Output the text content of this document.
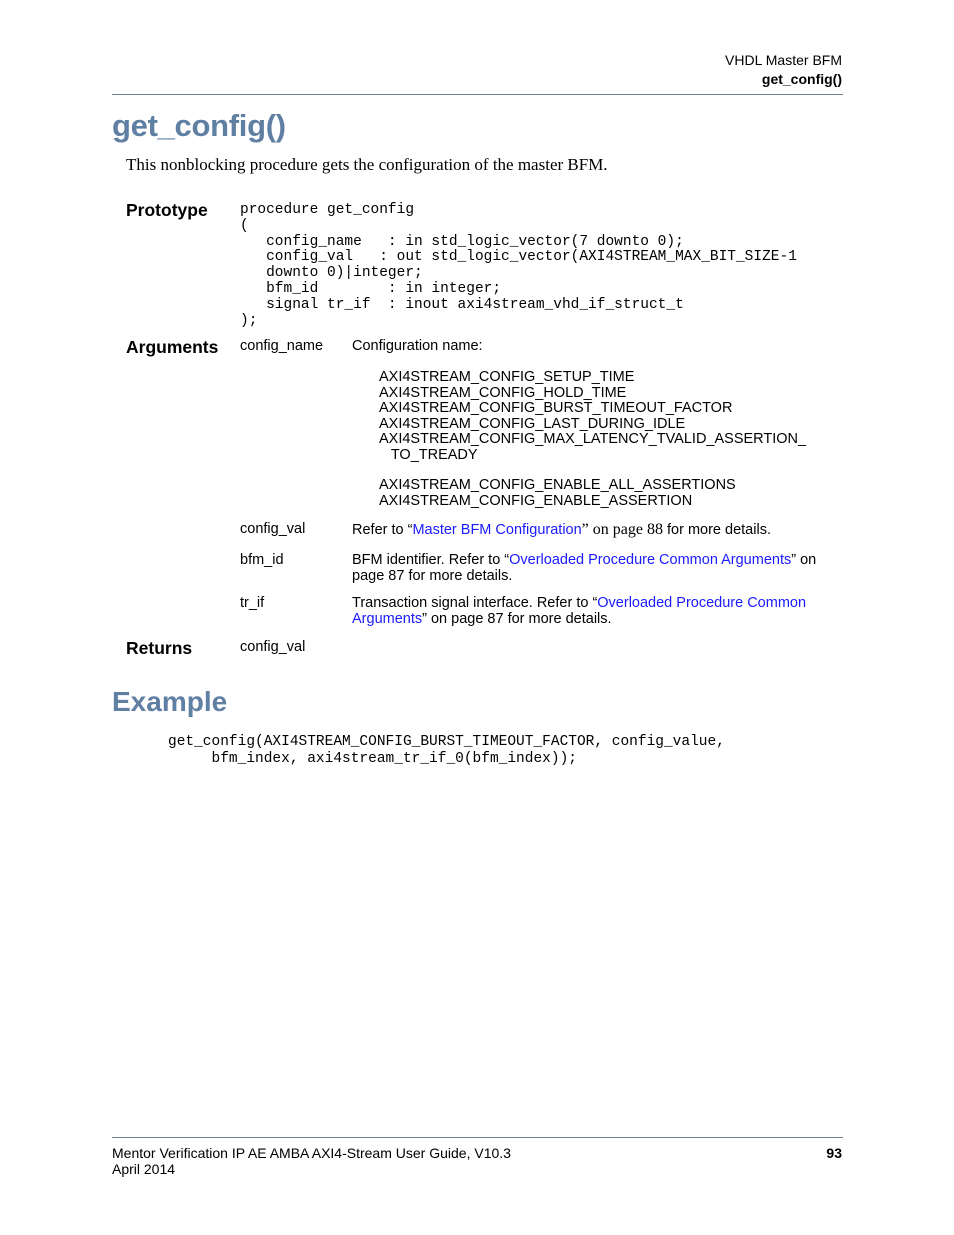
VHDL Master BFM
get_config()
get_config()
This nonblocking procedure gets the configuration of the master BFM.
Prototype procedure get_config
(
config_name   : in std_logic_vector(7 downto 0);
config_val   : out std_logic_vector(AXI4STREAM_MAX_BIT_SIZE-1
downto 0)|integer;
bfm_id        : in integer;
signal tr_if  : inout axi4stream_vhd_if_struct_t
);
Arguments config_name Configuration name:
AXI4STREAM_CONFIG_SETUP_TIME
AXI4STREAM_CONFIG_HOLD_TIME
AXI4STREAM_CONFIG_BURST_TIMEOUT_FACTOR
AXI4STREAM_CONFIG_LAST_DURING_IDLE
AXI4STREAM_CONFIG_MAX_LATENCY_TVALID_ASSERTION_
TO_TREADY
AXI4STREAM_CONFIG_ENABLE_ALL_ASSERTIONS
AXI4STREAM_CONFIG_ENABLE_ASSERTION
config_val	Refer to “Master BFM Configuration” on page 88 for more details.
bfm_id	BFM identifier. Refer to “Overloaded Procedure Common Arguments” on page 87 for more details.
tr_if	Transaction signal interface. Refer to “Overloaded Procedure Common Arguments” on page 87 for more details.
Returns	config_val
Example
get_config(AXI4STREAM_CONFIG_BURST_TIMEOUT_FACTOR, config_value,
bfm_index, axi4stream_tr_if_0(bfm_index));
Mentor Verification IP AE AMBA AXI4-Stream User Guide, V10.3
April 2014
93
